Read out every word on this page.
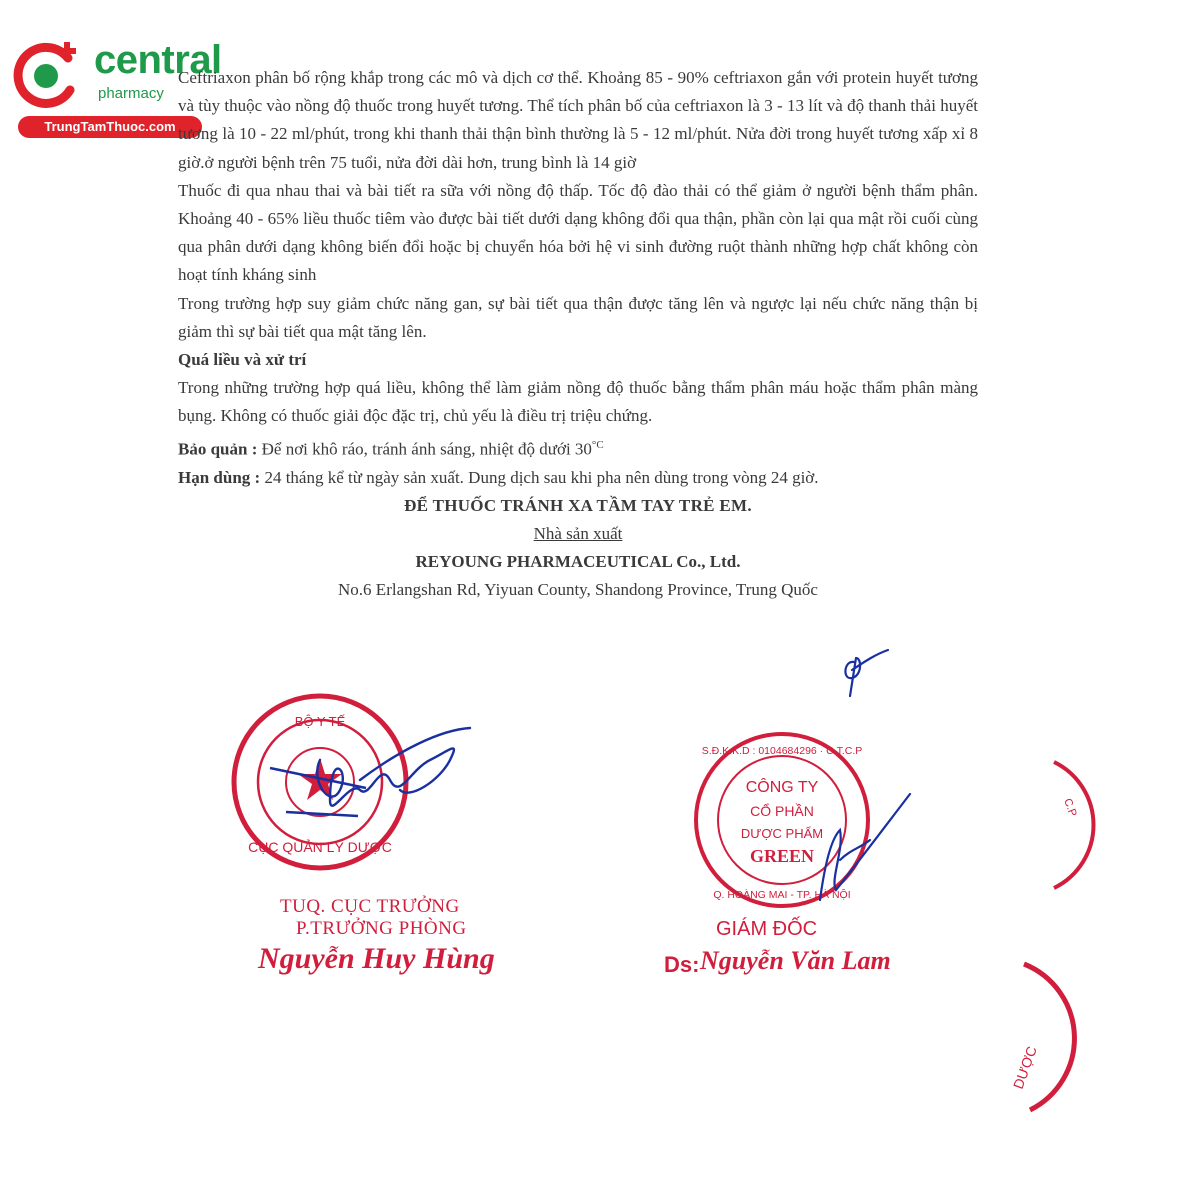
central
pharmacy
TrungTamThuoc.com

Ceftriaxon phân bố rộng khắp trong các mô và dịch cơ thể. Khoảng 85 - 90% ceftriaxon gắn với protein huyết tương và tùy thuộc vào nồng độ thuốc trong huyết tương. Thể tích phân bố của ceftriaxon là 3 - 13 lít và độ thanh thải huyết tương là 10 - 22 ml/phút, trong khi thanh thải thận bình thường là 5 - 12 ml/phút. Nửa đời trong huyết tương xấp xỉ 8 giờ.ở người bệnh trên 75 tuổi, nửa đời dài hơn, trung bình là 14 giờ

Thuốc đi qua nhau thai và bài tiết ra sữa với nồng độ thấp. Tốc độ đào thải có thể giảm ở người bệnh thẩm phân. Khoảng 40 - 65% liều thuốc tiêm vào được bài tiết dưới dạng không đổi qua thận, phần còn lại qua mật rồi cuối cùng qua phân dưới dạng không biến đổi hoặc bị chuyển hóa bởi hệ vi sinh đường ruột thành những hợp chất không còn hoạt tính kháng sinh

Trong trường hợp suy giảm chức năng gan, sự bài tiết qua thận được tăng lên và ngược lại nếu chức năng thận bị giảm thì sự bài tiết qua mật tăng lên.

Quá liều và xử trí

Trong những trường hợp quá liều, không thể làm giảm nồng độ thuốc bằng thẩm phân máu hoặc thẩm phân màng bụng. Không có thuốc giải độc đặc trị, chủ yếu là điều trị triệu chứng.

Bảo quản : Để nơi khô ráo, tránh ánh sáng, nhiệt độ dưới $30^{^\circ C}$

Hạn dùng : 24 tháng kể từ ngày sản xuất. Dung dịch sau khi pha nên dùng trong vòng 24 giờ.

ĐỂ THUỐC TRÁNH XA TẦM TAY TRẺ EM.

Nhà sản xuất

REYOUNG PHARMACEUTICAL Co., Ltd.

No.6 Erlangshan Rd, Yiyuan County, Shandong Province, Trung Quốc

BỘ Y TẾ
CỤC QUẢN LÝ DƯỢC
TUQ. CỤC TRƯỞNG
P.TRƯỞNG PHÒNG
Nguyễn Huy Hùng
S.Đ.K.K.D : 0104684296 · C.T.C.P
Q. HOÀNG MAI - TP. HÀ NỘI
CÔNG TY
CỔ PHẦN
DƯỢC PHẨM
GREEN
GIÁM ĐỐC
Ds: Nguyễn Văn Lam
C.P
DƯỢC
